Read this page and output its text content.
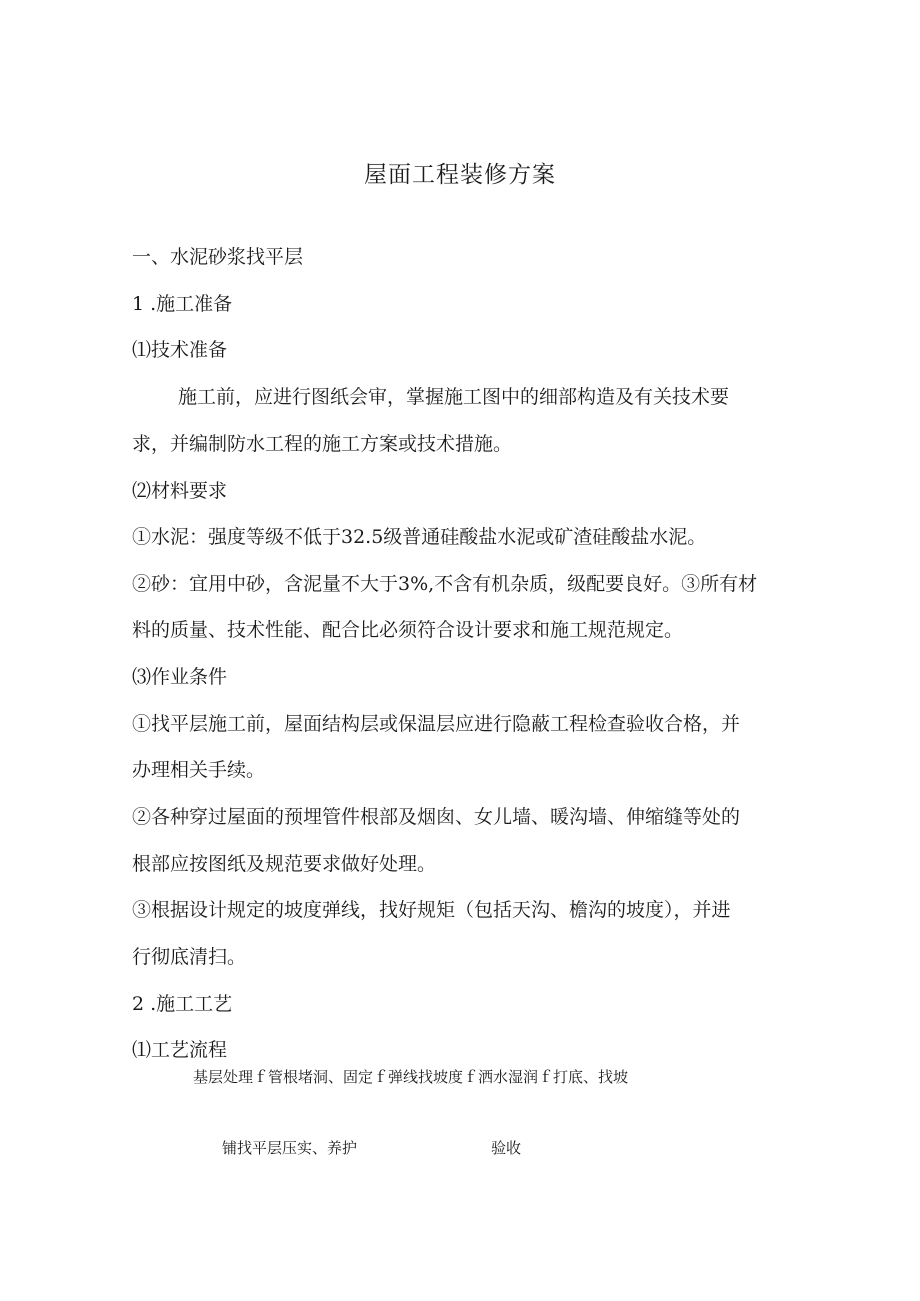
屋面工程装修方案
一、水泥砂浆找平层
1 .施工准备
⑴技术准备
施工前，应进行图纸会审，掌握施工图中的细部构造及有关技术要
求，并编制防水工程的施工方案或技术措施。
⑵材料要求
①水泥：强度等级不低于32.5级普通硅酸盐水泥或矿渣硅酸盐水泥。
②砂：宜用中砂，含泥量不大于3%,不含有机杂质，级配要良好。③所有材
料的质量、技术性能、配合比必须符合设计要求和施工规范规定。
⑶作业条件
①找平层施工前，屋面结构层或保温层应进行隐蔽工程检查验收合格，并
办理相关手续。
②各种穿过屋面的预埋管件根部及烟囱、女儿墙、暖沟墙、伸缩缝等处的
根部应按图纸及规范要求做好处理。
③根据设计规定的坡度弹线，找好规矩（包括天沟、檐沟的坡度），并进
行彻底清扫。
2 .施工工艺
⑴工艺流程
基层处理ｆ管根堵洞、固定ｆ弹线找坡度ｆ洒水湿润ｆ打底、找坡
铺找平层压实、养护	验收
